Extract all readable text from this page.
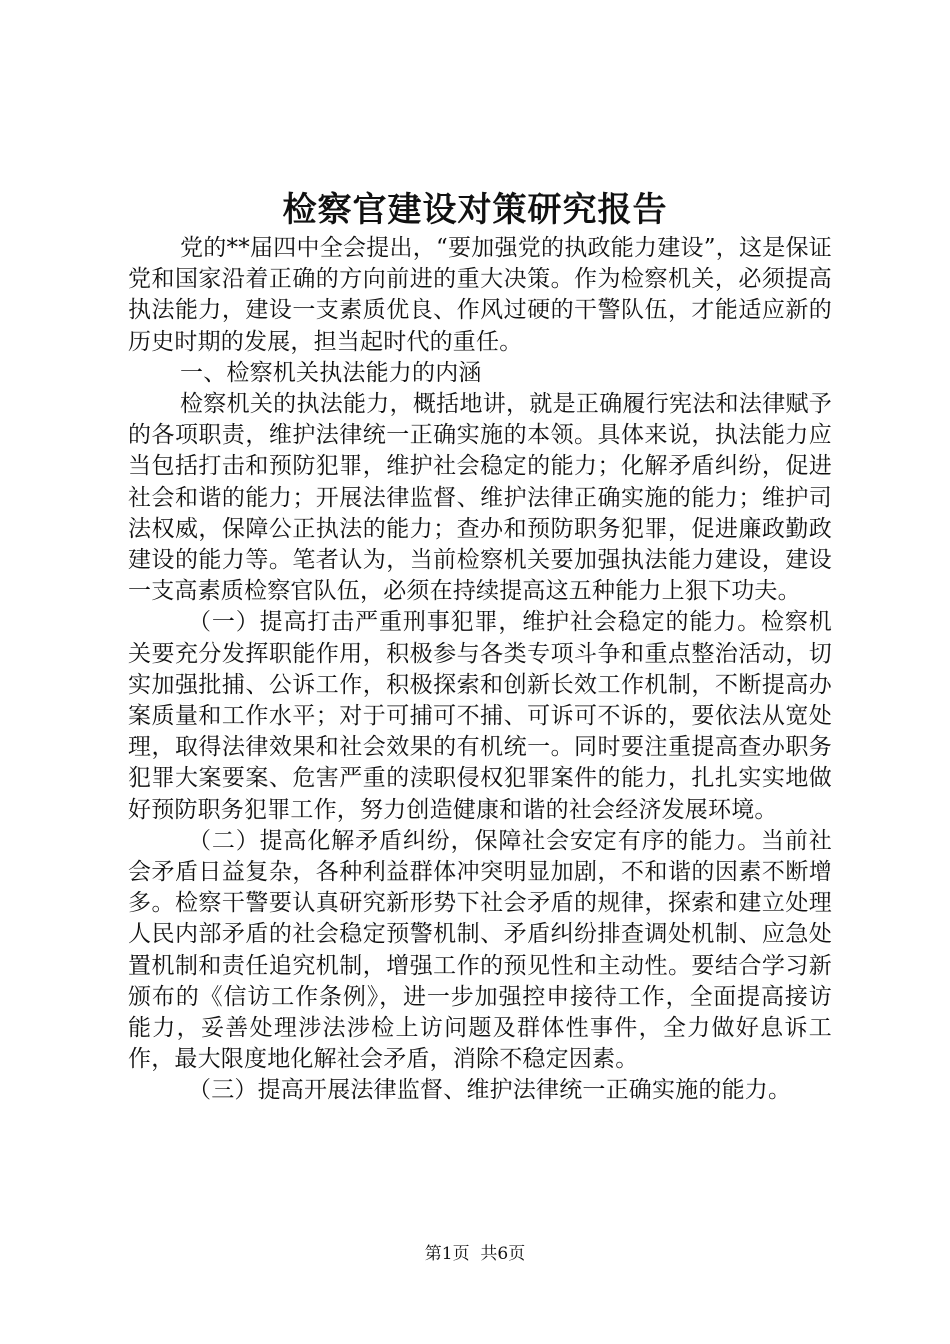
检察官建设对策研究报告

党的**届四中全会提出，“要加强党的执政能力建设”，这是保证党和国家沿着正确的方向前进的重大决策。作为检察机关，必须提高执法能力，建设一支素质优良、作风过硬的干警队伍，才能适应新的历史时期的发展，担当起时代的重任。

一、检察机关执法能力的内涵

检察机关的执法能力，概括地讲，就是正确履行宪法和法律赋予的各项职责，维护法律统一正确实施的本领。具体来说，执法能力应当包括打击和预防犯罪，维护社会稳定的能力；化解矛盾纠纷，促进社会和谐的能力；开展法律监督、维护法律正确实施的能力；维护司法权威，保障公正执法的能力；查办和预防职务犯罪，促进廉政勤政建设的能力等。笔者认为，当前检察机关要加强执法能力建设，建设一支高素质检察官队伍，必须在持续提高这五种能力上狠下功夫。

（一）提高打击严重刑事犯罪，维护社会稳定的能力。检察机关要充分发挥职能作用，积极参与各类专项斗争和重点整治活动，切实加强批捕、公诉工作，积极探索和创新长效工作机制，不断提高办案质量和工作水平；对于可捕可不捕、可诉可不诉的，要依法从宽处理，取得法律效果和社会效果的有机统一。同时要注重提高查办职务犯罪大案要案、危害严重的渎职侵权犯罪案件的能力，扎扎实实地做好预防职务犯罪工作，努力创造健康和谐的社会经济发展环境。

（二）提高化解矛盾纠纷，保障社会安定有序的能力。当前社会矛盾日益复杂，各种利益群体冲突明显加剧，不和谐的因素不断增多。检察干警要认真研究新形势下社会矛盾的规律，探索和建立处理人民内部矛盾的社会稳定预警机制、矛盾纠纷排查调处机制、应急处置机制和责任追究机制，增强工作的预见性和主动性。要结合学习新颁布的《信访工作条例》，进一步加强控申接待工作，全面提高接访能力，妥善处理涉法涉检上访问题及群体性事件，全力做好息诉工作，最大限度地化解社会矛盾，消除不稳定因素。

（三）提高开展法律监督、维护法律统一正确实施的能力。

第1页  共6页
